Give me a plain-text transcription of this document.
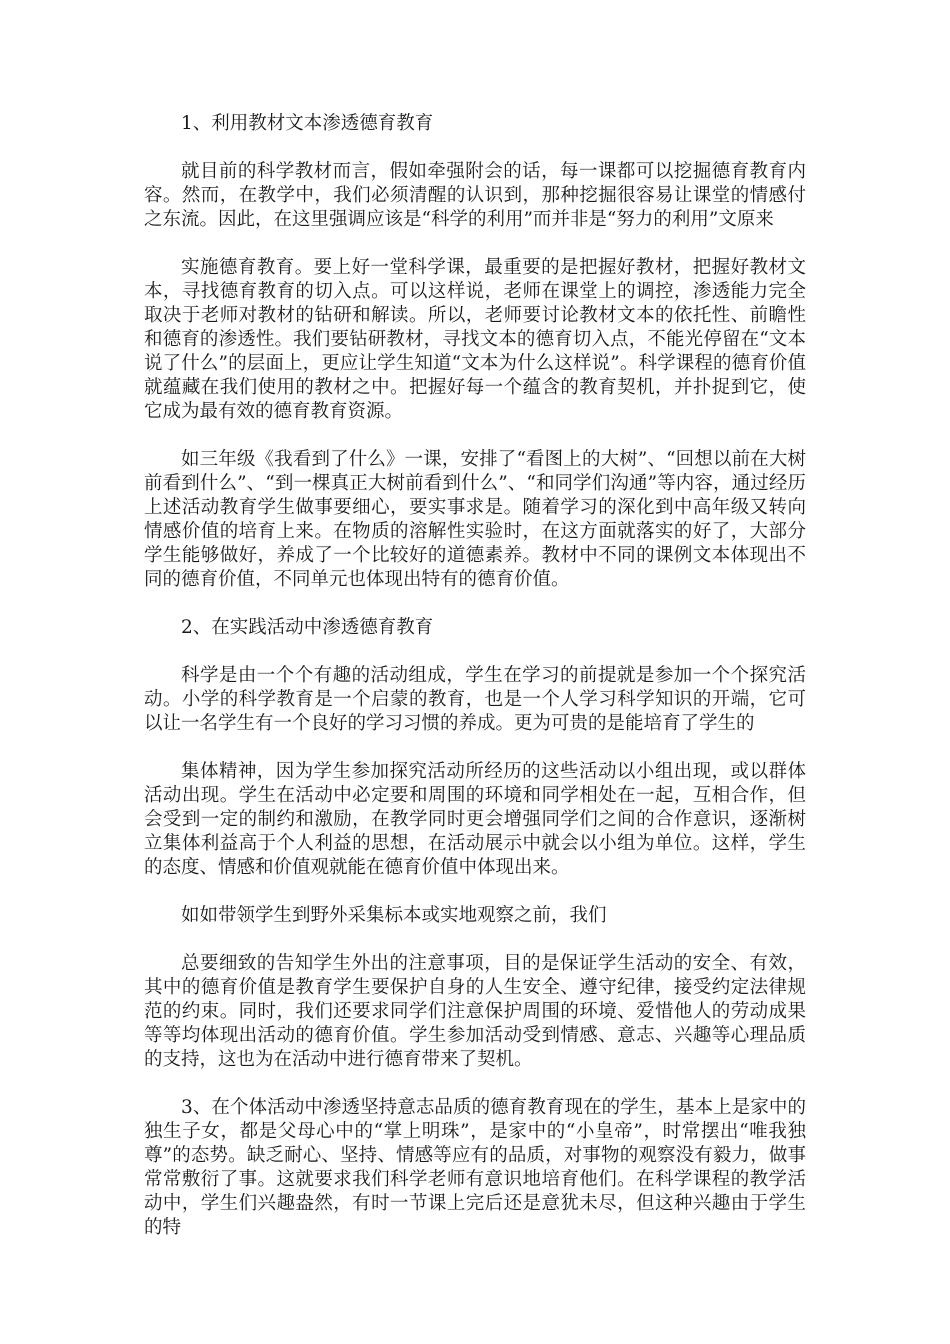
1、利用教材文本渗透德育教育

就目前的科学教材而言，假如牵强附会的话，每一课都可以挖掘德育教育内容。然而，在教学中，我们必须清醒的认识到，那种挖掘很容易让课堂的情感付之东流。因此，在这里强调应该是“科学的利用”而并非是“努力的利用”文原来

实施德育教育。要上好一堂科学课，最重要的是把握好教材，把握好教材文本，寻找德育教育的切入点。可以这样说，老师在课堂上的调控，渗透能力完全取决于老师对教材的钻研和解读。所以，老师要讨论教材文本的依托性、前瞻性和德育的渗透性。我们要钻研教材，寻找文本的德育切入点，不能光停留在“文本说了什么”的层面上，更应让学生知道“文本为什么这样说”。科学课程的德育价值就蕴藏在我们使用的教材之中。把握好每一个蕴含的教育契机，并扑捉到它，使它成为最有效的德育教育资源。

如三年级《我看到了什么》一课，安排了“看图上的大树”、“回想以前在大树前看到什么”、“到一棵真正大树前看到什么”、“和同学们沟通”等内容，通过经历上述活动教育学生做事要细心，要实事求是。随着学习的深化到中高年级又转向情感价值的培育上来。在物质的溶解性实验时，在这方面就落实的好了，大部分学生能够做好，养成了一个比较好的道德素养。教材中不同的课例文本体现出不同的德育价值，不同单元也体现出特有的德育价值。

2、在实践活动中渗透德育教育

科学是由一个个有趣的活动组成，学生在学习的前提就是参加一个个探究活动。小学的科学教育是一个启蒙的教育，也是一个人学习科学知识的开端，它可以让一名学生有一个良好的学习习惯的养成。更为可贵的是能培育了学生的

集体精神，因为学生参加探究活动所经历的这些活动以小组出现，或以群体活动出现。学生在活动中必定要和周围的环境和同学相处在一起，互相合作，但会受到一定的制约和激励，在教学同时更会增强同学们之间的合作意识，逐渐树立集体利益高于个人利益的思想，在活动展示中就会以小组为单位。这样，学生的态度、情感和价值观就能在德育价值中体现出来。

如如带领学生到野外采集标本或实地观察之前，我们

总要细致的告知学生外出的注意事项，目的是保证学生活动的安全、有效，其中的德育价值是教育学生要保护自身的人生安全、遵守纪律，接受约定法律规范的约束。同时，我们还要求同学们注意保护周围的环境、爱惜他人的劳动成果等等均体现出活动的德育价值。学生参加活动受到情感、意志、兴趣等心理品质的支持，这也为在活动中进行德育带来了契机。

3、在个体活动中渗透坚持意志品质的德育教育现在的学生，基本上是家中的独生子女，都是父母心中的“掌上明珠”，是家中的“小皇帝”，时常摆出“唯我独尊”的态势。缺乏耐心、坚持、情感等应有的品质，对事物的观察没有毅力，做事常常敷衍了事。这就要求我们科学老师有意识地培育他们。在科学课程的教学活动中，学生们兴趣盎然，有时一节课上完后还是意犹未尽，但这种兴趣由于学生的特
